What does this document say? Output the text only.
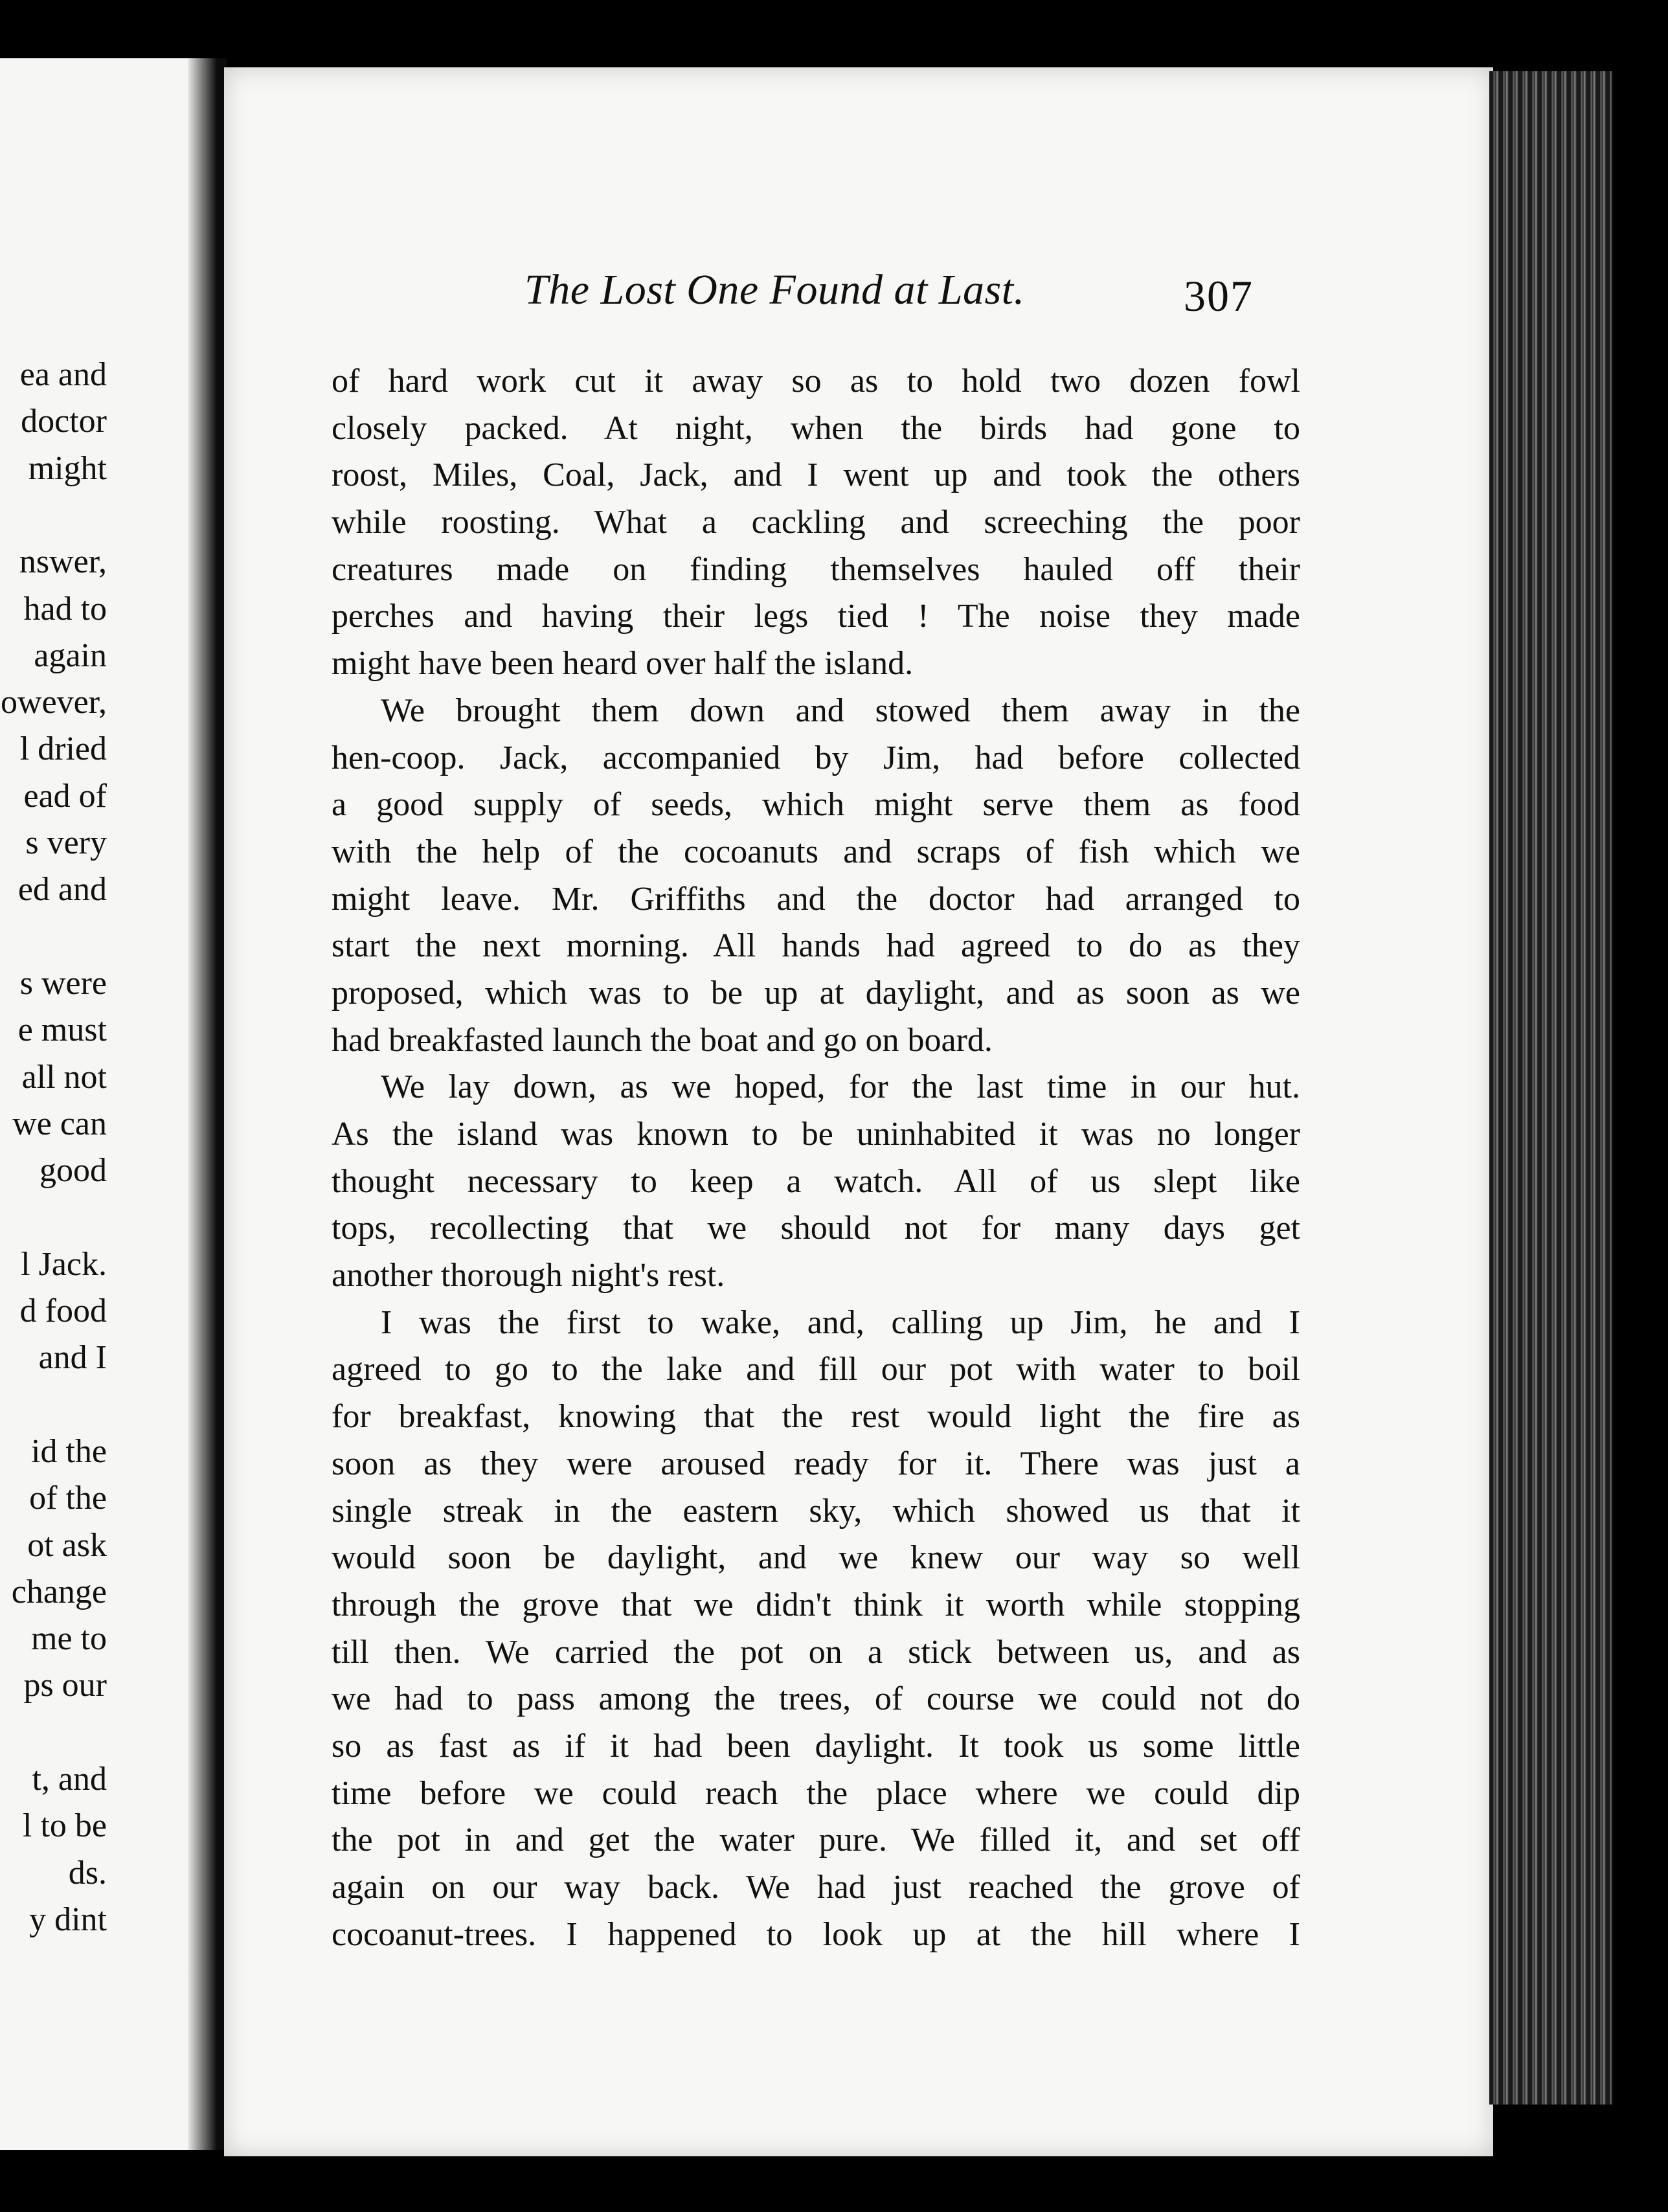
ea and
doctor
might
nswer,
had to
again
owever,
l dried
ead of
s very
ed and
s were
e must
all not
we can
good
l Jack.
d food
and I
id the
of the
ot ask
change
me to
ps our
t, and
l to be
ds.
y dint
The Lost One Found at Last.	307
of hard work cut it away so as to hold two dozen fowl
closely packed. At night, when the birds had gone to
roost, Miles, Coal, Jack, and I went up and took the others
while roosting. What a cackling and screeching the poor
creatures made on finding themselves hauled off their
perches and having their legs tied ! The noise they made
might have been heard over half the island.
We brought them down and stowed them away in the
hen-coop. Jack, accompanied by Jim, had before collected
a good supply of seeds, which might serve them as food
with the help of the cocoanuts and scraps of fish which we
might leave. Mr. Griffiths and the doctor had arranged to
start the next morning. All hands had agreed to do as they
proposed, which was to be up at daylight, and as soon as we
had breakfasted launch the boat and go on board.
We lay down, as we hoped, for the last time in our hut.
As the island was known to be uninhabited it was no longer
thought necessary to keep a watch. All of us slept like
tops, recollecting that we should not for many days get
another thorough night's rest.
I was the first to wake, and, calling up Jim, he and I
agreed to go to the lake and fill our pot with water to boil
for breakfast, knowing that the rest would light the fire as
soon as they were aroused ready for it. There was just a
single streak in the eastern sky, which showed us that it
would soon be daylight, and we knew our way so well
through the grove that we didn't think it worth while stopping
till then. We carried the pot on a stick between us, and as
we had to pass among the trees, of course we could not do
so as fast as if it had been daylight. It took us some little
time before we could reach the place where we could dip
the pot in and get the water pure. We filled it, and set off
again on our way back. We had just reached the grove of
cocoanut-trees. I happened to look up at the hill where I
